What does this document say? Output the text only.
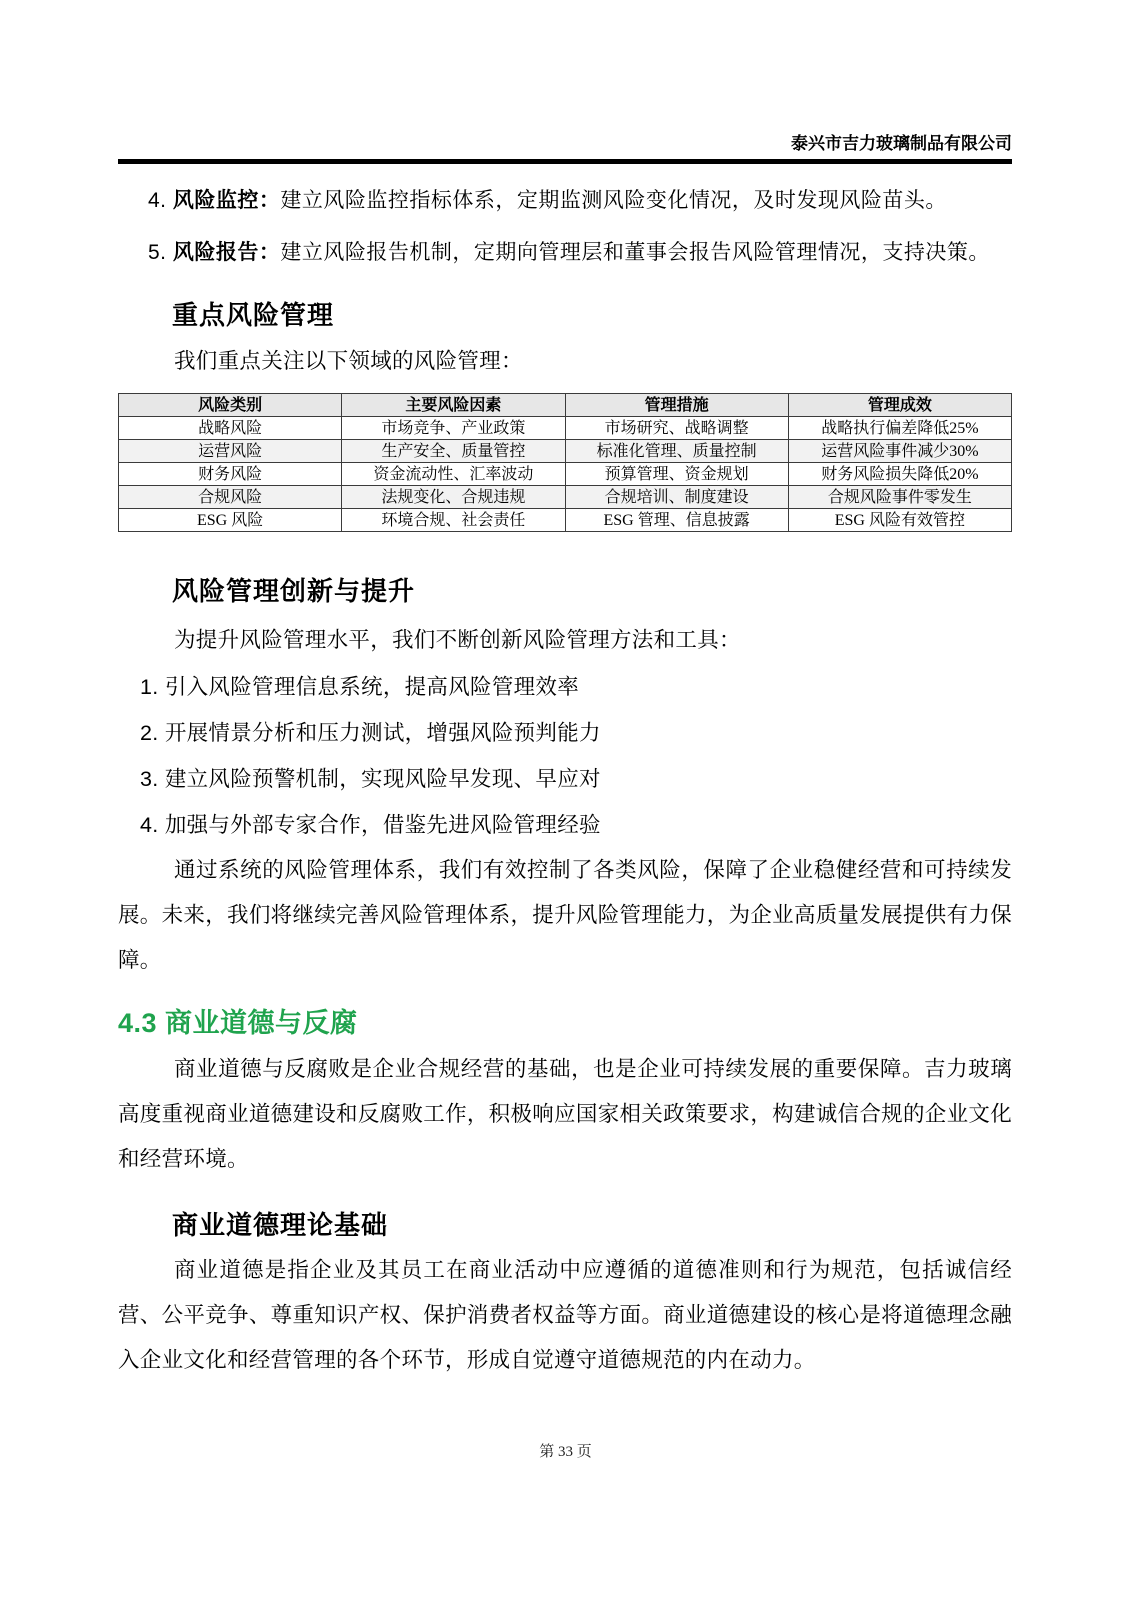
泰兴市吉力玻璃制品有限公司
4. 风险监控：建立风险监控指标体系，定期监测风险变化情况，及时发现风险苗头。
5. 风险报告：建立风险报告机制，定期向管理层和董事会报告风险管理情况，支持决策。
重点风险管理

我们重点关注以下领域的风险管理：

风险类别	主要风险因素	管理措施	管理成效
战略风险	市场竞争、产业政策	市场研究、战略调整	战略执行偏差降低25%
运营风险	生产安全、质量管控	标准化管理、质量控制	运营风险事件减少30%
财务风险	资金流动性、汇率波动	预算管理、资金规划	财务风险损失降低20%
合规风险	法规变化、合规违规	合规培训、制度建设	合规风险事件零发生
ESG 风险	环境合规、社会责任	ESG 管理、信息披露	ESG 风险有效管控
风险管理创新与提升

为提升风险管理水平，我们不断创新风险管理方法和工具：

1. 引入风险管理信息系统，提高风险管理效率
2. 开展情景分析和压力测试，增强风险预判能力
3. 建立风险预警机制，实现风险早发现、早应对
4. 加强与外部专家合作，借鉴先进风险管理经验

通过系统的风险管理体系，我们有效控制了各类风险，保障了企业稳健经营和可持续发展。未来，我们将继续完善风险管理体系，提升风险管理能力，为企业高质量发展提供有力保障。

4.3 商业道德与反腐

商业道德与反腐败是企业合规经营的基础，也是企业可持续发展的重要保障。吉力玻璃高度重视商业道德建设和反腐败工作，积极响应国家相关政策要求，构建诚信合规的企业文化和经营环境。

商业道德理论基础

商业道德是指企业及其员工在商业活动中应遵循的道德准则和行为规范，包括诚信经营、公平竞争、尊重知识产权、保护消费者权益等方面。商业道德建设的核心是将道德理念融入企业文化和经营管理的各个环节，形成自觉遵守道德规范的内在动力。

第 33 页
